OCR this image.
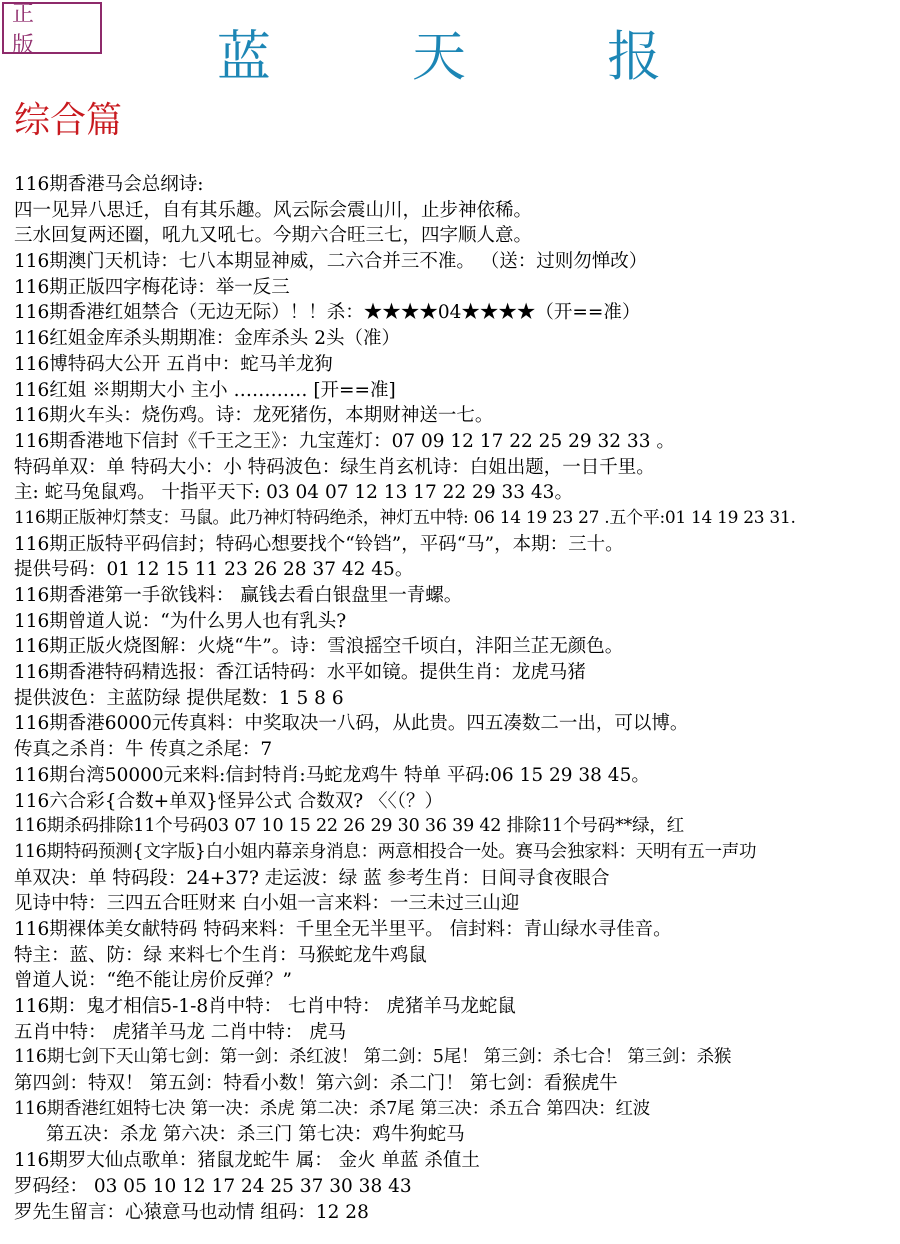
正 版	蓝 天 报
综合篇
116期香港马会总纲诗:
四一见异八思迁，自有其乐趣。风云际会震山川，止步神依稀。
三水回复两还圈，吼九又吼七。今期六合旺三七，四字顺人意。
116期澳门天机诗：七八本期显神威，二六合并三不准。 （送：过则勿惮改）
116期正版四字梅花诗：举一反三
116期香港红姐禁合（无边无际）！！杀：★★★★04★★★★（开==准）
116红姐金库杀头期期准：金库杀头 2头（准）
116博特码大公开 五肖中：蛇马羊龙狗
116红姐 ※期期大小 主小 ………… [开==准]
116期火车头：烧伤鸡。诗：龙死猪伤，本期财神送一七。
116期香港地下信封《千王之王》：九宝莲灯：07 09 12 17 22 25 29 32 33 。
特码单双：单 特码大小：小 特码波色：绿生肖玄机诗：白姐出题，一日千里。
主: 蛇马兔鼠鸡。 十指平天下: 03 04 07 12 13 17 22 29 33 43。
116期正版神灯禁支：马鼠。此乃神灯特码绝杀，神灯五中特: 06 14 19 23 27 .五个平:01 14 19 23 31.
116期正版特平码信封；特码心想要找个“铃铛”，平码“马”，本期：三十。
提供号码：01 12 15 11 23 26 28 37 42 45。
116期香港第一手欲钱料： 赢钱去看白银盘里一青螺。
116期曾道人说：“为什么男人也有乳头?
116期正版火烧图解：火烧“牛”。诗：雪浪摇空千顷白，沣阳兰芷无颜色。
116期香港特码精选报：香江话特码：水平如镜。提供生肖：龙虎马猪
提供波色：主蓝防绿 提供尾数：1 5 8 6
116期香港6000元传真料：中奖取决一八码，从此贵。四五凑数二一出，可以博。
传真之杀肖：牛 传真之杀尾：7
116期台湾50000元来料:信封特肖:马蛇龙鸡牛 特单 平码:06 15 29 38 45。
116六合彩{合数+单双}怪异公式 合数双? 〈〈（？）
116期杀码排除11个号码03 07 10 15 22 26 29 30 36 39 42 排除11个号码**绿，红
116期特码预测{文字版}白小姐内幕亲身消息：两意相投合一处。赛马会独家料：天明有五一声功
单双决：单 特码段：24+37? 走运波：绿 蓝 参考生肖：日间寻食夜眼合
见诗中特：三四五合旺财来 白小姐一言来料：一三未过三山迎
116期裸体美女献特码 特码来料：千里全无半里平。 信封料：青山绿水寻佳音。
特主：蓝、防：绿 来料七个生肖：马猴蛇龙牛鸡鼠
曾道人说：“绝不能让房价反弹？”
116期：鬼才相信5-1-8肖中特： 七肖中特： 虎猪羊马龙蛇鼠
五肖中特： 虎猪羊马龙 二肖中特： 虎马
116期七剑下天山第七剑：第一剑：杀红波！ 第二剑：5尾！ 第三剑：杀七合！ 第三剑：杀猴
第四剑：特双！ 第五剑：特看小数！第六剑：杀二门！ 第七剑：看猴虎牛
116期香港红姐特七决 第一决：杀虎 第二决：杀7尾 第三决：杀五合 第四决：红波
第五决：杀龙 第六决：杀三门 第七决：鸡牛狗蛇马
116期罗大仙点歌单：猪鼠龙蛇牛 属： 金火 单蓝 杀值土
罗码经： 03 05 10 12 17 24 25 37 30 38 43
罗先生留言：心猿意马也动情 组码：12 28
